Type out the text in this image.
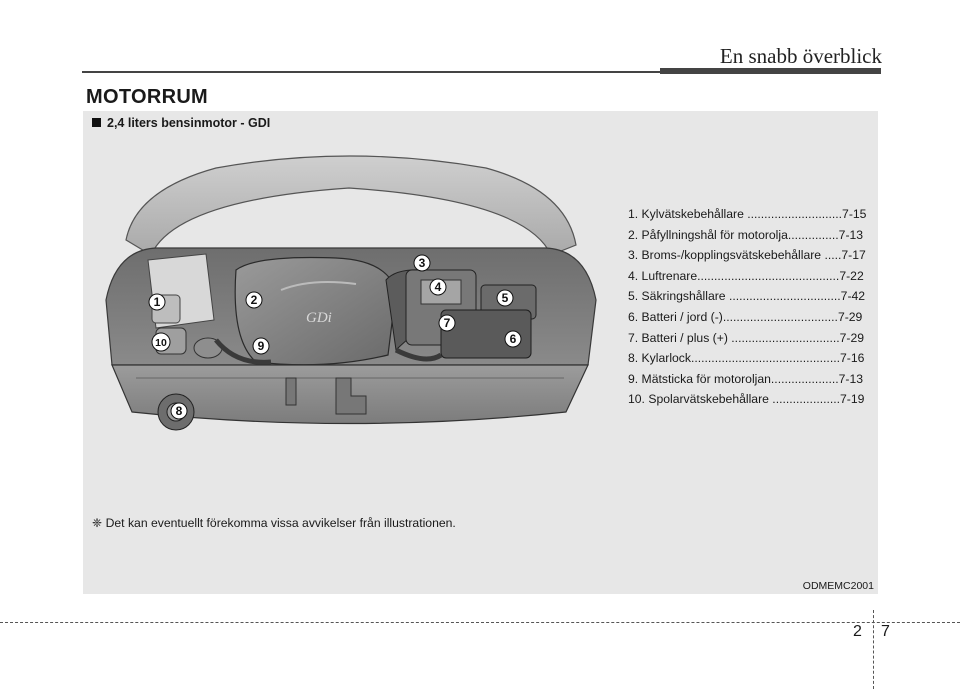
En snabb överblick
MOTORRUM
2,4 liters bensinmotor - GDI
GDi
1	2
3
4
5
6
7
8
9
10
1. Kylvätskebehållare ............................7-15
2. Påfyllningshål för motorolja...............7-13
3. Broms-/kopplingsvätskebehållare .....7-17
4. Luftrenare..........................................7-22
5. Säkringshållare .................................7-42
6. Batteri / jord (-)..................................7-29
7. Batteri / plus (+) ................................7-29
8. Kylarlock............................................7-16
9. Mätsticka för motoroljan....................7-13
10. Spolarvätskebehållare ....................7-19
❈ Det kan eventuellt förekomma vissa avvikelser från illustrationen.
ODMEMC2001
2 7
